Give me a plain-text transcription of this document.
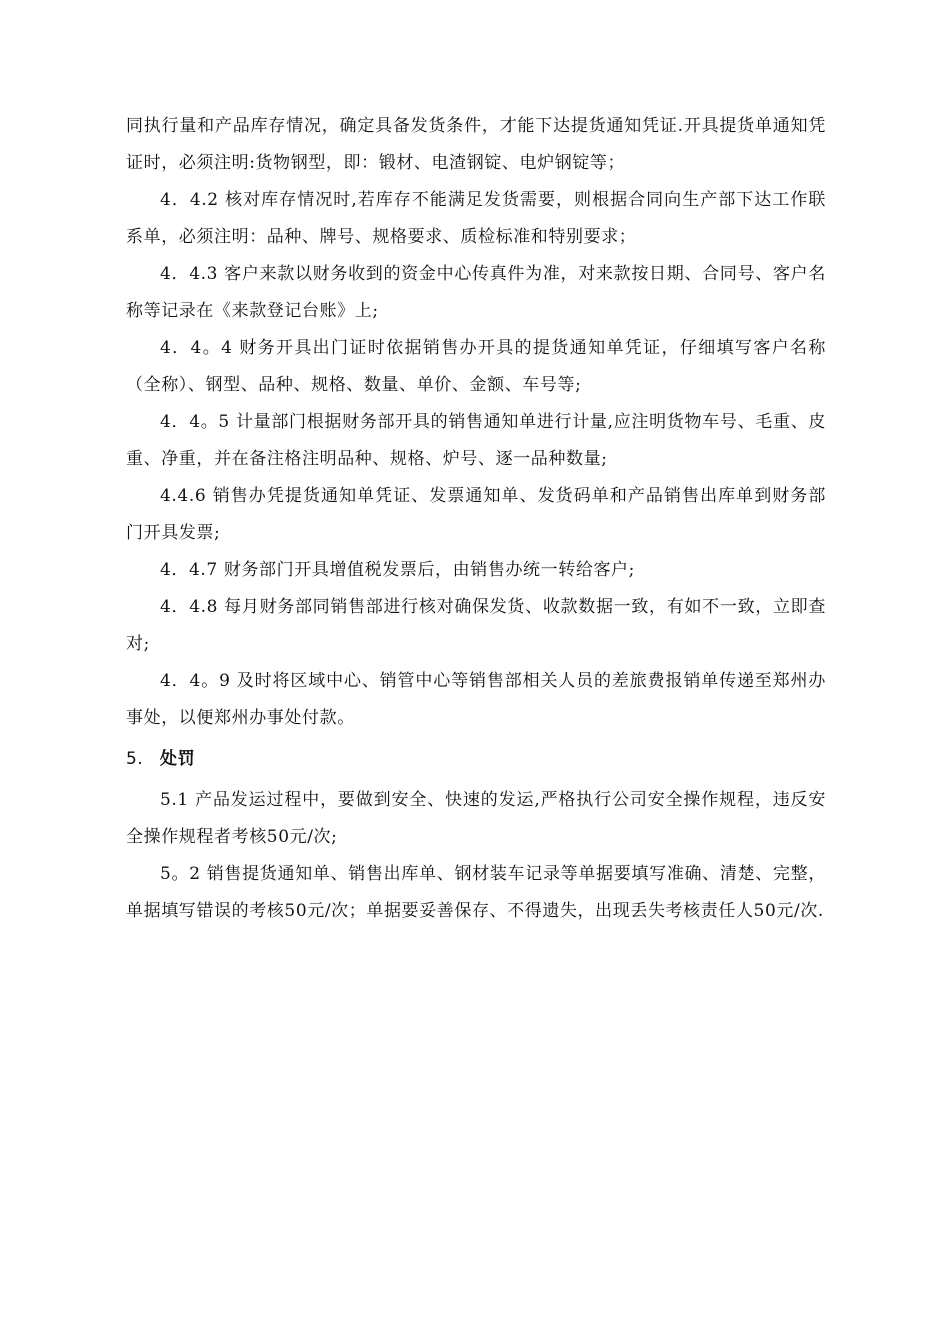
同执行量和产品库存情况，确定具备发货条件，才能下达提货通知凭证.开具提货单通知凭证时，必须注明:货物钢型，即：锻材、电渣钢锭、电炉钢锭等；

4．4.2 核对库存情况时,若库存不能满足发货需要，则根据合同向生产部下达工作联系单，必须注明：品种、牌号、规格要求、质检标准和特别要求；

4．4.3 客户来款以财务收到的资金中心传真件为准，对来款按日期、合同号、客户名称等记录在《来款登记台账》上;

4．4。4 财务开具出门证时依据销售办开具的提货通知单凭证，仔细填写客户名称（全称）、钢型、品种、规格、数量、单价、金额、车号等;

4．4。5 计量部门根据财务部开具的销售通知单进行计量,应注明货物车号、毛重、皮重、净重，并在备注格注明品种、规格、炉号、逐一品种数量;

4.4.6 销售办凭提货通知单凭证、发票通知单、发货码单和产品销售出库单到财务部门开具发票;

4．4.7 财务部门开具增值税发票后，由销售办统一转给客户;

4．4.8 每月财务部同销售部进行核对确保发货、收款数据一致，有如不一致，立即查对;

4．4。9 及时将区域中心、销管中心等销售部相关人员的差旅费报销单传递至郑州办事处，以便郑州办事处付款。

5. 处罚

5.1 产品发运过程中，要做到安全、快速的发运,严格执行公司安全操作规程，违反安全操作规程者考核50元/次;

5。2 销售提货通知单、销售出库单、钢材装车记录等单据要填写准确、清楚、完整，单据填写错误的考核50元/次；单据要妥善保存、不得遗失，出现丢失考核责任人50元/次.
